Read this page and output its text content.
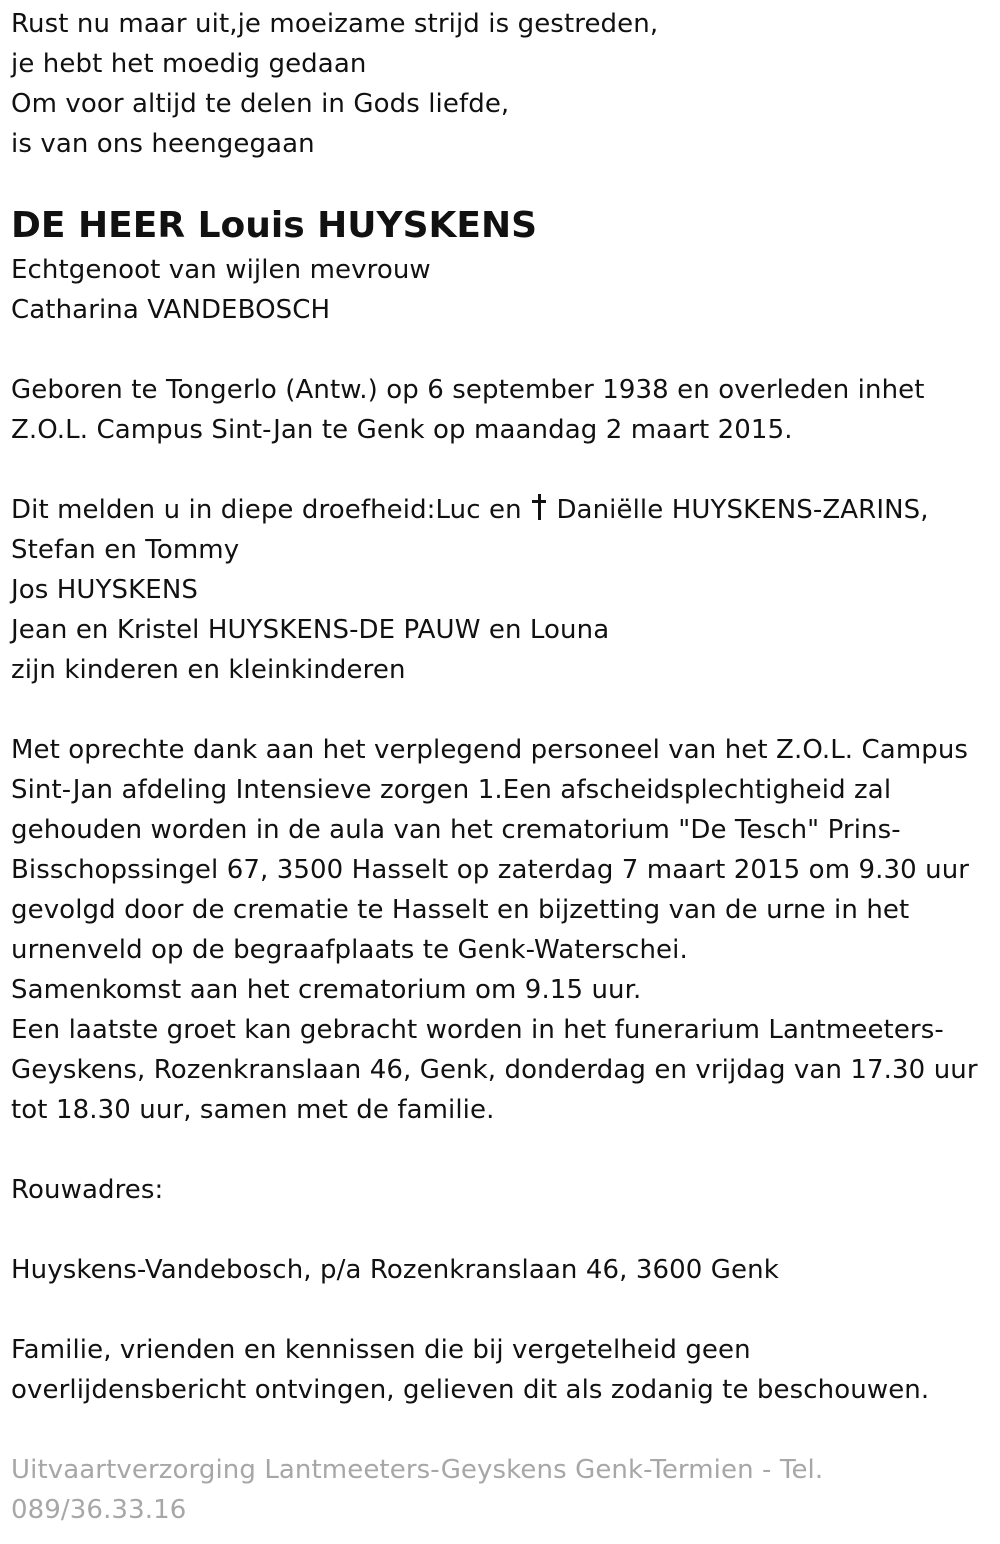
Rust nu maar uit,je moeizame strijd is gestreden,
je hebt het moedig gedaan
Om voor altijd te delen in Gods liefde,
is van ons heengegaan
DE HEER Louis HUYSKENS
Echtgenoot van wijlen mevrouw
Catharina VANDEBOSCH
Geboren te Tongerlo (Antw.) op 6 september 1938 en overleden inhet
Z.O.L. Campus Sint-Jan te Genk op maandag 2 maart 2015.
Dit melden u in diepe droefheid:Luc en Daniëlle HUYSKENS-ZARINS,
Stefan en Tommy
Jos HUYSKENS
Jean en Kristel HUYSKENS-DE PAUW en Louna
zijn kinderen en kleinkinderen
Met oprechte dank aan het verplegend personeel van het Z.O.L. Campus
Sint-Jan afdeling Intensieve zorgen 1.Een afscheidsplechtigheid zal
gehouden worden in de aula van het crematorium "De Tesch" Prins-
Bisschopssingel 67, 3500 Hasselt op zaterdag 7 maart 2015 om 9.30 uur
gevolgd door de crematie te Hasselt en bijzetting van de urne in het
urnenveld op de begraafplaats te Genk-Waterschei.
Samenkomst aan het crematorium om 9.15 uur.
Een laatste groet kan gebracht worden in het funerarium Lantmeeters-
Geyskens, Rozenkranslaan 46, Genk, donderdag en vrijdag van 17.30 uur
tot 18.30 uur, samen met de familie.
Rouwadres:
Huyskens-Vandebosch, p/a Rozenkranslaan 46, 3600 Genk
Familie, vrienden en kennissen die bij vergetelheid geen
overlijdensbericht ontvingen, gelieven dit als zodanig te beschouwen.
Uitvaartverzorging Lantmeeters-Geyskens Genk-Termien - Tel.
089/36.33.16
